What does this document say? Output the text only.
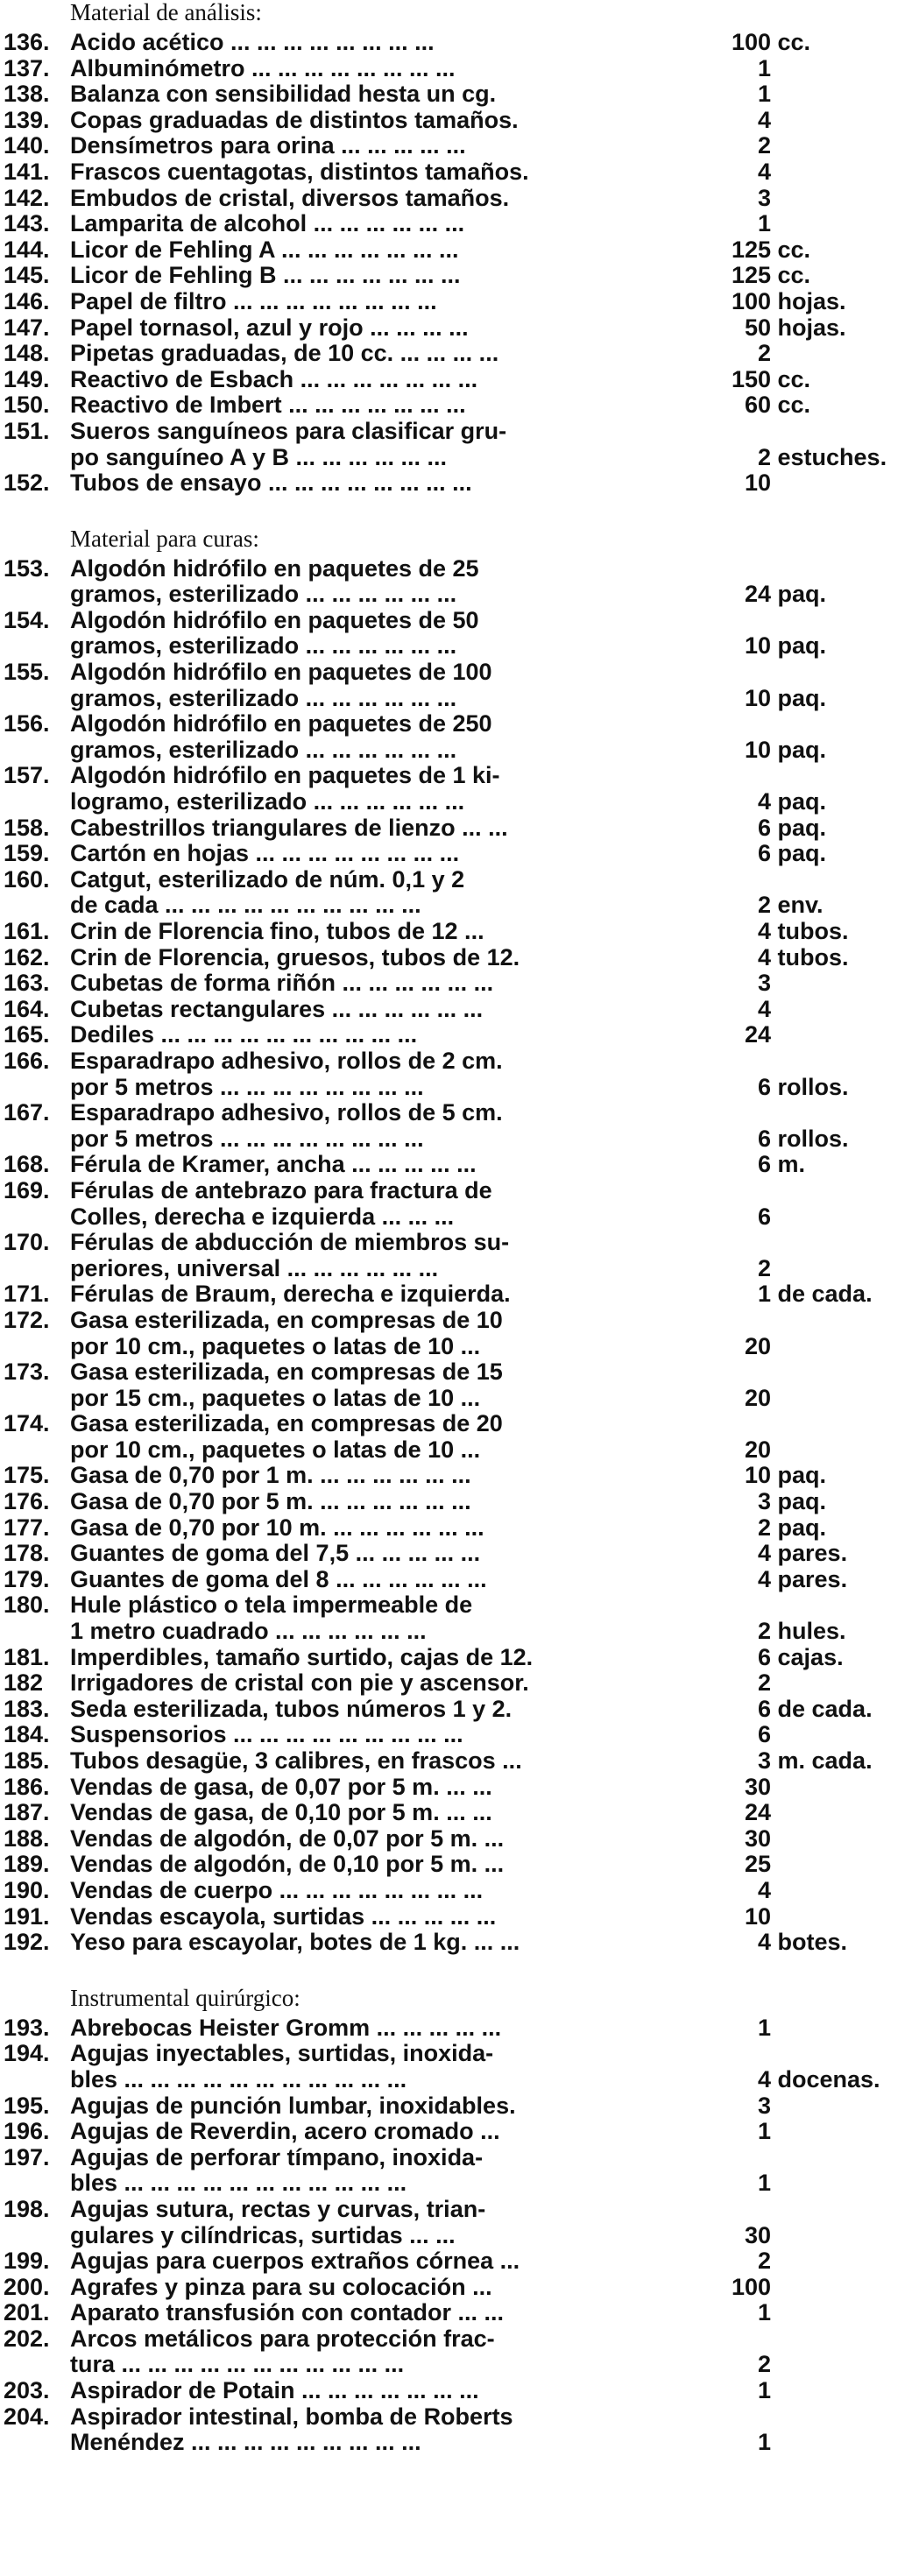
Material de análisis:
136. Acido acético ... ... ... ... ... ... ... ...	100 cc.
137. Albuminómetro ... ... ... ... ... ... ... ...	1
138. Balanza con sensibilidad hesta un cg.	1
139. Copas graduadas de distintos tamaños.	4
140. Densímetros para orina ... ... ... ... ...	2
141. Frascos cuentagotas, distintos tamaños.	4
142. Embudos de cristal, diversos tamaños.	3
143. Lamparita de alcohol ... ... ... ... ... ...	1
144. Licor de Fehling A ... ... ... ... ... ... ...	125 cc.
145. Licor de Fehling B ... ... ... ... ... ... ...	125 cc.
146. Papel de filtro ... ... ... ... ... ... ... ...	100 hojas.
147. Papel tornasol, azul y rojo ... ... ... ...	50 hojas.
148. Pipetas graduadas, de 10 cc. ... ... ... ...	2
149. Reactivo de Esbach ... ... ... ... ... ... ...	150 cc.
150. Reactivo de Imbert ... ... ... ... ... ... ...	60 cc.
151. Sueros sanguíneos para clasificar gru-
po sanguíneo A y B ... ... ... ... ... ...	2 estuches.
152. Tubos de ensayo ... ... ... ... ... ... ... ...	10
Material para curas:
153. Algodón hidrófilo en paquetes de 25
gramos, esterilizado ... ... ... ... ... ...	24 paq.
154. Algodón hidrófilo en paquetes de 50
gramos, esterilizado ... ... ... ... ... ...	10 paq.
155. Algodón hidrófilo en paquetes de 100
gramos, esterilizado ... ... ... ... ... ...	10 paq.
156. Algodón hidrófilo en paquetes de 250
gramos, esterilizado ... ... ... ... ... ...	10 paq.
157. Algodón hidrófilo en paquetes de 1 ki-
logramo, esterilizado ... ... ... ... ... ...	4 paq.
158. Cabestrillos triangulares de lienzo ... ...	6 paq.
159. Cartón en hojas ... ... ... ... ... ... ... ...	6 paq.
160. Catgut, esterilizado de núm. 0,1 y 2
de cada ... ... ... ... ... ... ... ... ... ...	2 env.
161. Crin de Florencia fino, tubos de 12 ...	4 tubos.
162. Crin de Florencia, gruesos, tubos de 12.	4 tubos.
163. Cubetas de forma riñón ... ... ... ... ... ...	3
164. Cubetas rectangulares ... ... ... ... ... ...	4
165. Dediles ... ... ... ... ... ... ... ... ... ...	24
166. Esparadrapo adhesivo, rollos de 2 cm.
por 5 metros ... ... ... ... ... ... ... ...	6 rollos.
167. Esparadrapo adhesivo, rollos de 5 cm.
por 5 metros ... ... ... ... ... ... ... ...	6 rollos.
168. Férula de Kramer, ancha ... ... ... ... ...	6 m.
169. Férulas de antebrazo para fractura de
Colles, derecha e izquierda ... ... ...	6
170. Férulas de abducción de miembros su-
periores, universal ... ... ... ... ... ...	2
171. Férulas de Braum, derecha e izquierda.	1 de cada.
172. Gasa esterilizada, en compresas de 10
por 10 cm., paquetes o latas de 10 ...	20
173. Gasa esterilizada, en compresas de 15
por 15 cm., paquetes o latas de 10 ...	20
174. Gasa esterilizada, en compresas de 20
por 10 cm., paquetes o latas de 10 ...	20
175. Gasa de 0,70 por 1 m. ... ... ... ... ... ...	10 paq.
176. Gasa de 0,70 por 5 m. ... ... ... ... ... ...	3 paq.
177. Gasa de 0,70 por 10 m. ... ... ... ... ... ...	2 paq.
178. Guantes de goma del 7,5 ... ... ... ... ...	4 pares.
179. Guantes de goma del 8 ... ... ... ... ... ...	4 pares.
180. Hule plástico o tela impermeable de
1 metro cuadrado ... ... ... ... ... ...	2 hules.
181. Imperdibles, tamaño surtido, cajas de 12.	6 cajas.
182	Irrigadores de cristal con pie y ascensor.	2
183. Seda esterilizada, tubos números 1 y 2.	6 de cada.
184. Suspensorios ... ... ... ... ... ... ... ... ...	6
185. Tubos desagüe, 3 calibres, en frascos ...	3 m. cada.
186. Vendas de gasa, de 0,07 por 5 m. ... ...	30
187. Vendas de gasa, de 0,10 por 5 m. ... ...	24
188. Vendas de algodón, de 0,07 por 5 m. ...	30
189. Vendas de algodón, de 0,10 por 5 m. ...	25
190. Vendas de cuerpo ... ... ... ... ... ... ... ...	4
191. Vendas escayola, surtidas ... ... ... ... ...	10
192. Yeso para escayolar, botes de 1 kg. ... ...	4 botes.
Instrumental quirúrgico:
193. Abrebocas Heister Gromm ... ... ... ... ...	1
194. Agujas inyectables, surtidas, inoxida-
bles ... ... ... ... ... ... ... ... ... ... ...	4 docenas.
195. Agujas de punción lumbar, inoxidables.	3
196. Agujas de Reverdin, acero cromado ...	1
197. Agujas de perforar tímpano, inoxida-
bles ... ... ... ... ... ... ... ... ... ... ...	1
198. Agujas sutura, rectas y curvas, trian-
gulares y cilíndricas, surtidas ... ...	30
199. Agujas para cuerpos extraños córnea ...	2
200. Agrafes y pinza para su colocación ...	100
201. Aparato transfusión con contador ... ...	1
202. Arcos metálicos para protección frac-
tura ... ... ... ... ... ... ... ... ... ... ...	2
203. Aspirador de Potain ... ... ... ... ... ... ...	1
204. Aspirador intestinal, bomba de Roberts
Menéndez ... ... ... ... ... ... ... ... ...	1
